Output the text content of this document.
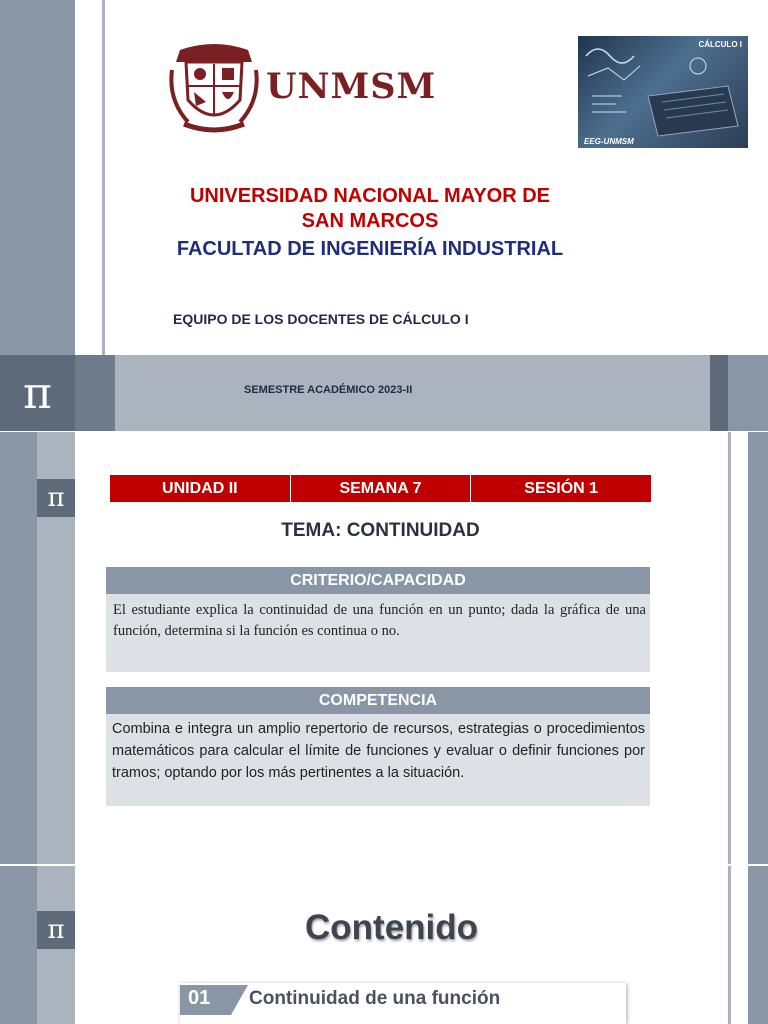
UNMSM
CÁLCULO I
EEG-UNMSM
UNIVERSIDAD NACIONAL MAYOR DE
SAN MARCOS
FACULTAD DE INGENIERÍA INDUSTRIAL
EQUIPO DE LOS DOCENTES DE CÁLCULO I
π	SEMESTRE ACADÉMICO 2023-II
π	UNIDAD II	SEMANA 7	SESIÓN 1
TEMA: CONTINUIDAD
CRITERIO/CAPACIDAD
El estudiante explica la continuidad de una función en un punto; dada la gráfica de una función, determina si la función es continua o no.
COMPETENCIA
Combina e integra un amplio repertorio de recursos, estrategias o procedimientos matemáticos para calcular el límite de funciones y evaluar o definir funciones por tramos; optando por los más pertinentes a la situación.
π	Contenido
01 Continuidad de una función
